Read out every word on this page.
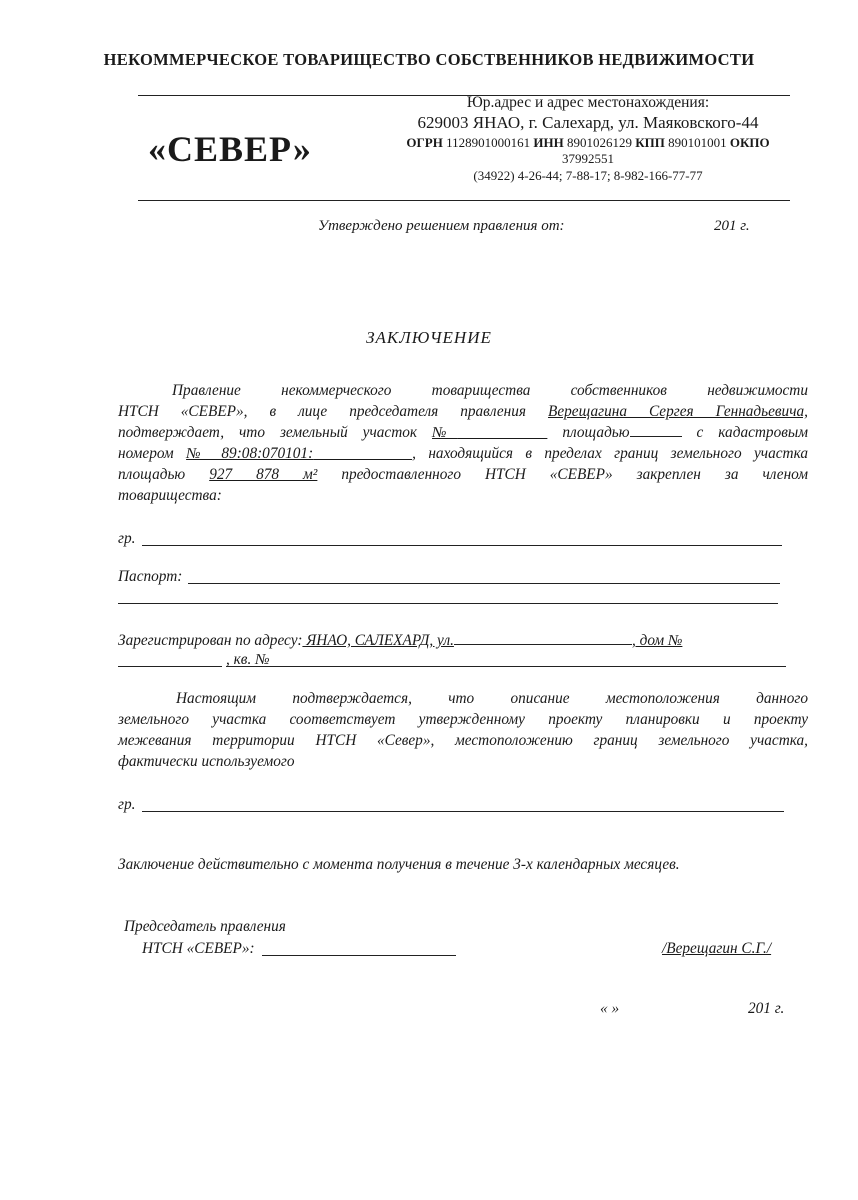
НЕКОММЕРЧЕСКОЕ ТОВАРИЩЕСТВО СОБСТВЕННИКОВ НЕДВИЖИМОСТИ
«СЕВЕР»
Юр.адрес и адрес местонахождения:
629003 ЯНАО, г. Салехард, ул. Маяковского-44
ОГРН 1128901000161 ИНН 8901026129 КПП 890101001 ОКПО
37992551
(34922) 4-26-44; 7-88-17; 8-982-166-77-77
Утверждено решением правления от:	201 г.
ЗАКЛЮЧЕНИЕ
Правление некоммерческого товарищества собственников недвижимости
НТСН «СЕВЕР», в лице председателя правления Верещагина Сергея Геннадьевича,
подтверждает, что земельный участок №	площадью	с кадастровым
номером № 89:08:070101:	, находящийся в пределах границ земельного участка
площадью 927 878 м² предоставленного НТСН «СЕВЕР» закреплен за членом
товарищества:
гр.
Паспорт:
Зарегистрирован по адресу: ЯНАО, САЛЕХАРД, ул.	, дом №
, кв. №
Настоящим подтверждается, что описание местоположения данного
земельного участка соответствует утвержденному проекту планировки и проекту
межевания территории НТСН «Север», местоположению границ земельного участка,
фактически используемого
гр.
Заключение действительно с момента получения в течение 3-х календарных месяцев.
Председатель правления
НТСН «СЕВЕР»:	/Верещагин С.Г./
« »	201 г.
